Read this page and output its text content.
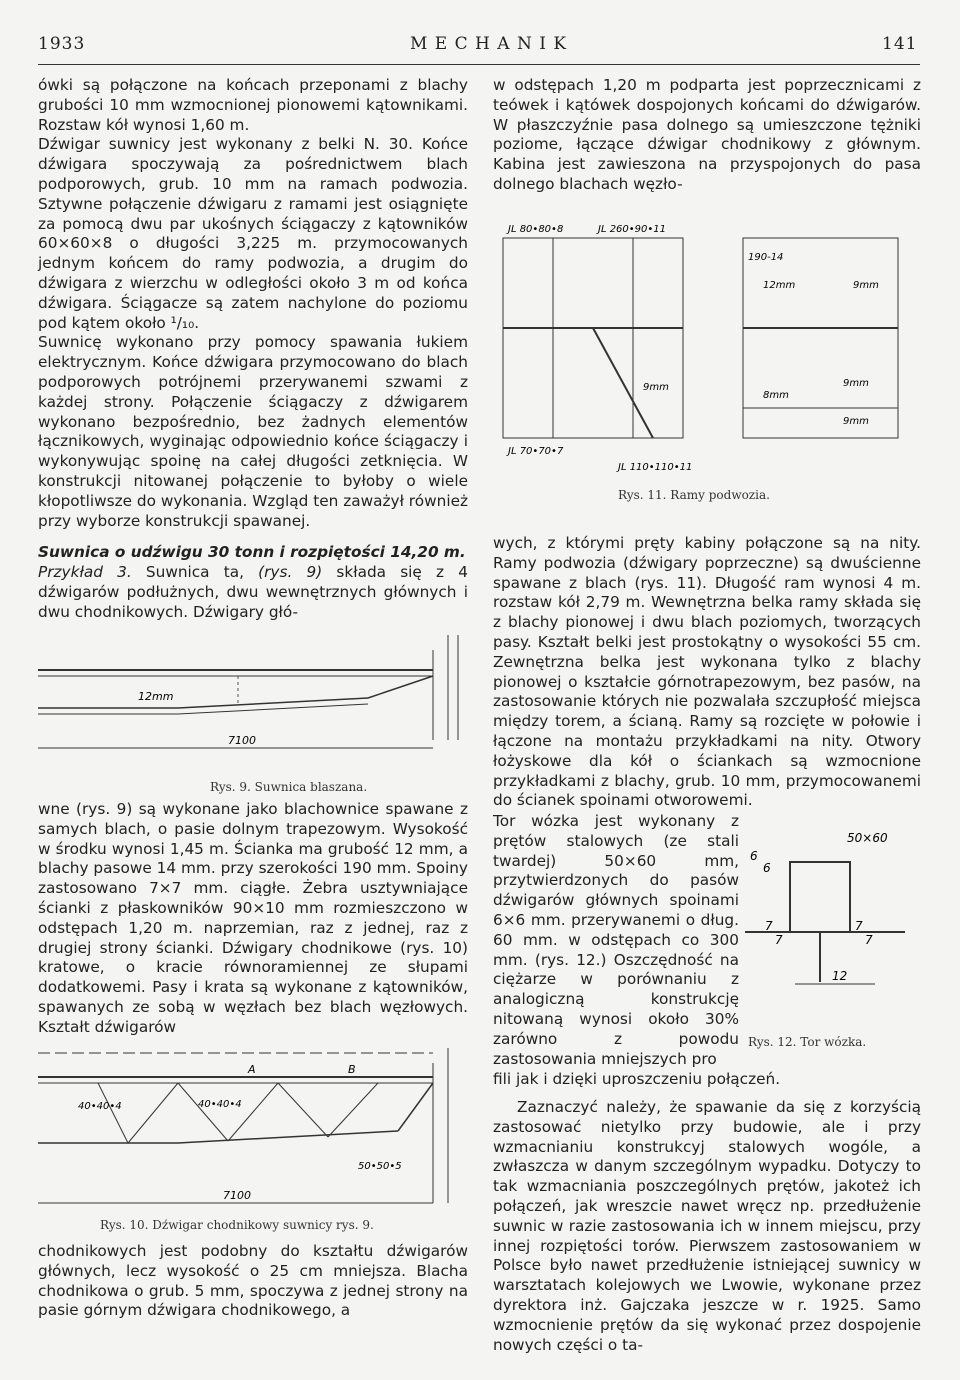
1933	M E C H A N I K	141

ówki są połączone na końcach przeponami z blachy grubości 10 mm wzmocnionej pionowemi kątownikami. Rozstaw kół wynosi 1,60 m.

Dźwigar suwnicy jest wykonany z belki N. 30. Końce dźwigara spoczywają za pośrednictwem blach podporowych, grub. 10 mm na ramach podwozia. Sztywne połączenie dźwigaru z ramami jest osiągnięte za pomocą dwu par ukośnych ściągaczy z kątowników 60×60×8 o długości 3,225 m. przymocowanych jednym końcem do ramy podwozia, a drugim do dźwigara z wierzchu w odległości około 3 m od końca dźwigara. Ściągacze są zatem nachylone do poziomu pod kątem około ¹/₁₀.

Suwnicę wykonano przy pomocy spawania łukiem elektrycznym. Końce dźwigara przymocowano do blach podporowych potrójnemi przerywanemi szwami z każdej strony. Połączenie ściągaczy z dźwigarem wykonano bezpośrednio, bez żadnych elementów łącznikowych, wyginając odpowiednio końce ściągaczy i wykonywując spoinę na całej długości zetknięcia. W konstrukcji nitowanej połączenie to byłoby o wiele kłopotliwsze do wykonania. Wzgląd ten zaważył również przy wyborze konstrukcji spawanej.

Suwnica o udźwigu 30 tonn i rozpiętości 14,20 m.

Przykład 3. Suwnica ta, (rys. 9) składa się z 4 dźwigarów podłużnych, dwu wewnętrznych głównych i dwu chodnikowych. Dźwigary głó-

12mm
7100
Rys. 9. Suwnica blaszana.

wne (rys. 9) są wykonane jako blachownice spawane z samych blach, o pasie dolnym trapezowym. Wysokość w środku wynosi 1,45 m. Ścianka ma grubość 12 mm, a blachy pasowe 14 mm. przy szerokości 190 mm. Spoiny zastosowano 7×7 mm. ciągłe. Żebra usztywniające ścianki z płaskowników 90×10 mm rozmieszczono w odstępach 1,20 m. naprzemian, raz z jednej, raz z drugiej strony ścianki. Dźwigary chodnikowe (rys. 10) kratowe, o kracie równoramiennej ze słupami dodatkowemi. Pasy i krata są wykonane z kątowników, spawanych ze sobą w węzłach bez blach węzłowych. Kształt dźwigarów

A	B
40•40•4	40•40•4
50•50•5
7100
Rys. 10. Dźwigar chodnikowy suwnicy rys. 9.

chodnikowych jest podobny do kształtu dźwigarów głównych, lecz wysokość o 25 cm mniejsza. Blacha chodnikowa o grub. 5 mm, spoczywa z jednej strony na pasie górnym dźwigara chodnikowego, a

w odstępach 1,20 m podparta jest poprzecznicami z teówek i kątówek dospojonych końcami do dźwigarów. W płaszczyźnie pasa dolnego są umieszczone tężniki poziome, łączące dźwigar chodnikowy z głównym. Kabina jest zawieszona na przyspojonych do pasa dolnego blachach węzło-

JL 80•80•8	JL 260•90•11
190-14
12mm	9mm
9mm	9mm
8mm
9mm
JL 70•70•7
JL 110•110•11
Rys. 11. Ramy podwozia.

wych, z którymi pręty kabiny połączone są na nity. Ramy podwozia (dźwigary poprzeczne) są dwuścienne spawane z blach (rys. 11). Długość ram wynosi 4 m. rozstaw kół 2,79 m. Wewnętrzna belka ramy składa się z blachy pionowej i dwu blach poziomych, tworzących pasy. Kształt belki jest prostokątny o wysokości 55 cm. Zewnętrzna belka jest wykonana tylko z blachy pionowej o kształcie górnotrapezowym, bez pasów, na zastosowanie których nie pozwalała szczupłość miejsca między torem, a ścianą. Ramy są rozcięte w połowie i łączone na montażu przykładkami na nity. Otwory łożyskowe dla kół o ściankach są wzmocnione przykładkami z blachy, grub. 10 mm, przymocowanemi do ścianek spoinami otworowemi.

Tor wózka jest wykonany z prętów stalowych (ze stali twardej) 50×60 mm, przytwierdzonych do pasów dźwigarów głównych spoinami 6×6 mm. przerywanemi o dług. 60 mm. w odstępach co 300 mm. (rys. 12.) Oszczędność na ciężarze w porównaniu z analogiczną konstrukcję nitowaną wynosi około 30% zarówno z powodu zastosowania mniejszych pro

fili jak i dzięki uproszczeniu połączeń.

50×60
6
6
7
7
7
7
12
Rys. 12. Tor wózka.

Zaznaczyć należy, że spawanie da się z korzyścią zastosować nietylko przy budowie, ale i przy wzmacnianiu konstrukcyj stalowych wogóle, a zwłaszcza w danym szczególnym wypadku. Dotyczy to tak wzmacniania poszczególnych prętów, jakoteż ich połączeń, jak wreszcie nawet wręcz np. przedłużenie suwnic w razie zastosowania ich w innem miejscu, przy innej rozpiętości torów. Pierwszem zastosowaniem w Polsce było nawet przedłużenie istniejącej suwnicy w warsztatach kolejowych we Lwowie, wykonane przez dyrektora inż. Gajczaka jeszcze w r. 1925. Samo wzmocnienie prętów da się wykonać przez dospojenie nowych części o ta-
